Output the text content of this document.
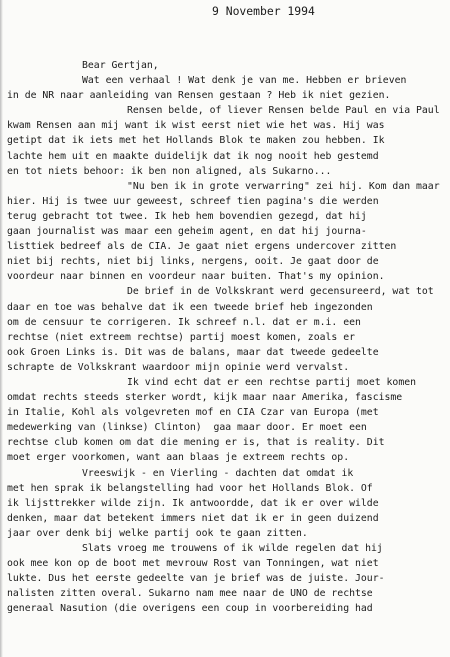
9 November 1994

Bear Gertjan,
Wat een verhaal ! Wat denk je van me. Hebben er brieven
in de NR naar aanleiding van Rensen gestaan ? Heb ik niet gezien.
Rensen belde, of liever Rensen belde Paul en via Paul
kwam Rensen aan mij want ik wist eerst niet wie het was. Hij was
getipt dat ik iets met het Hollands Blok te maken zou hebben. Ik
lachte hem uit en maakte duidelijk dat ik nog nooit heb gestemd
en tot niets behoor: ik ben non aligned, als Sukarno...
"Nu ben ik in grote verwarring" zei hij. Kom dan maar
hier. Hij is twee uur geweest, schreef tien pagina's die werden
terug gebracht tot twee. Ik heb hem bovendien gezegd, dat hij
gaan journalist was maar een geheim agent, en dat hij journa-
listtiek bedreef als de CIA. Je gaat niet ergens undercover zitten
niet bij rechts, niet bij links, nergens, ooit. Je gaat door de
voordeur naar binnen en voordeur naar buiten. That's my opinion.
De brief in de Volkskrant werd gecensureerd, wat tot
daar en toe was behalve dat ik een tweede brief heb ingezonden
om de censuur te corrigeren. Ik schreef n.l. dat er m.i. een
rechtse (niet extreem rechtse) partij moest komen, zoals er
ook Groen Links is. Dit was de balans, maar dat tweede gedeelte
schrapte de Volkskrant waardoor mijn opinie werd vervalst.
Ik vind echt dat er een rechtse partij moet komen
omdat rechts steeds sterker wordt, kijk maar naar Amerika, fascisme
in Italie, Kohl als volgevreten mof en CIA Czar van Europa (met
medewerking van (linkse) Clinton)  gaa maar door. Er moet een
rechtse club komen om dat die mening er is, that is reality. Dit
moet erger voorkomen, want aan blaas je extreem rechts op.
Vreeswijk - en Vierling - dachten dat omdat ik
met hen sprak ik belangstelling had voor het Hollands Blok. Of
ik lijsttrekker wilde zijn. Ik antwoordde, dat ik er over wilde
denken, maar dat betekent immers niet dat ik er in geen duizend
jaar over denk bij welke partij ook te gaan zitten.
Slats vroeg me trouwens of ik wilde regelen dat hij
ook mee kon op de boot met mevrouw Rost van Tonningen, wat niet
lukte. Dus het eerste gedeelte van je brief was de juiste. Jour-
nalisten zitten overal. Sukarno nam mee naar de UNO de rechtse
generaal Nasution (die overigens een coup in voorbereiding had
